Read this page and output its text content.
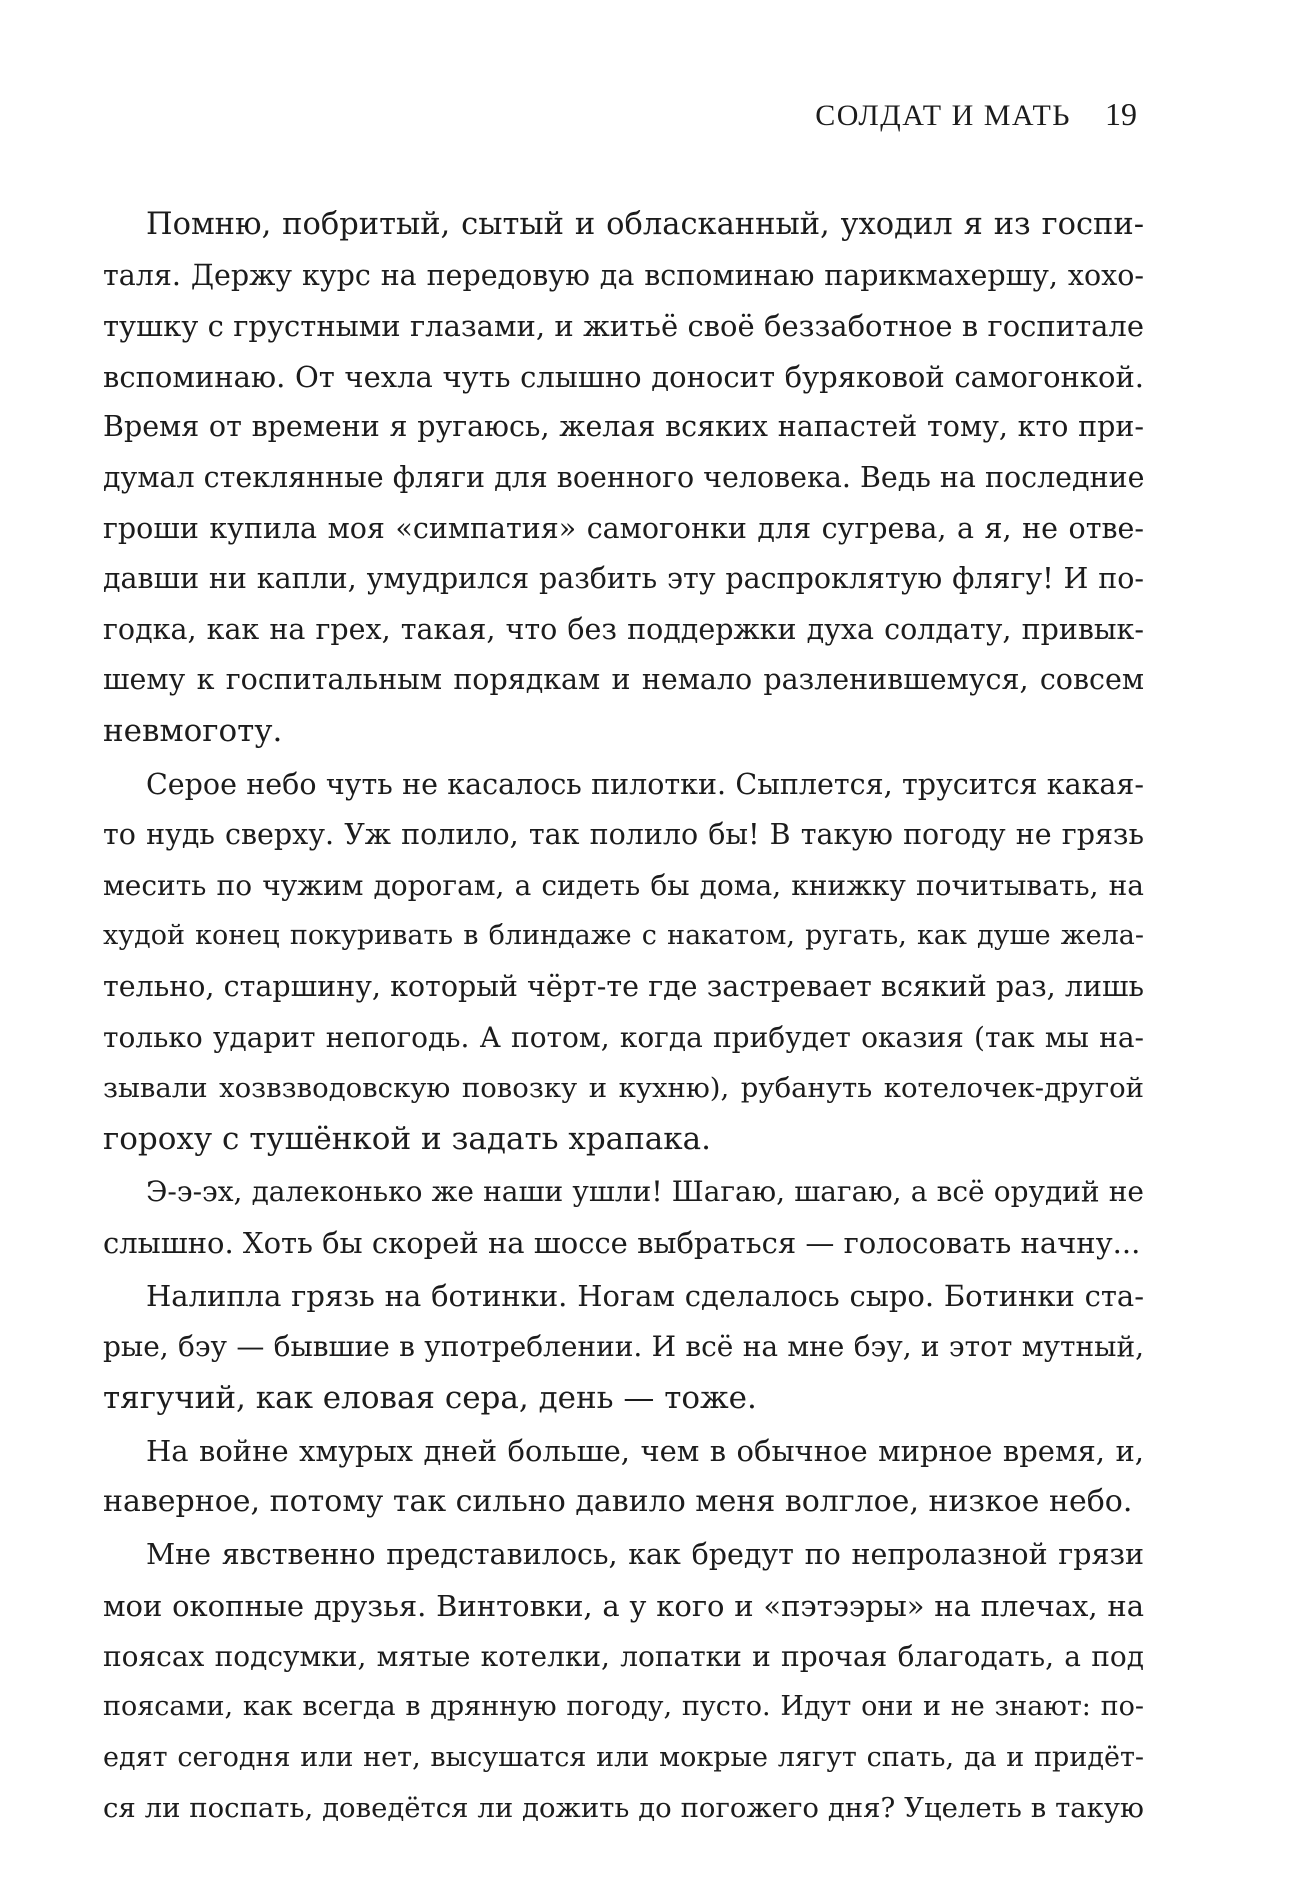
СОЛДАТ И МАТЬ 19
Помню, побритый, сытый и обласканный, уходил я из госпи-
таля. Держу курс на передовую да вспоминаю парикмахершу, хохо-
тушку с грустными глазами, и житьё своё беззаботное в госпитале
вспоминаю. От чехла чуть слышно доносит буряковой самогонкой.
Время от времени я ругаюсь, желая всяких напастей тому, кто при-
думал стеклянные фляги для военного человека. Ведь на последние
гроши купила моя «симпатия» самогонки для сугрева, а я, не отве-
давши ни капли, умудрился разбить эту распроклятую флягу! И по-
годка, как на грех, такая, что без поддержки духа солдату, привык-
шему к госпитальным порядкам и немало разленившемуся, совсем
невмоготу.
Серое небо чуть не касалось пилотки. Сыплется, трусится какая-
то нудь сверху. Уж полило, так полило бы! В такую погоду не грязь
месить по чужим дорогам, а сидеть бы дома, книжку почитывать, на
худой конец покуривать в блиндаже с накатом, ругать, как душе жела-
тельно, старшину, который чёрт-те где застревает всякий раз, лишь
только ударит непогодь. А потом, когда прибудет оказия (так мы на-
зывали хозвзводовскую повозку и кухню), рубануть котелочек-другой
гороху с тушёнкой и задать храпака.
Э-э-эх, далеконько же наши ушли! Шагаю, шагаю, а всё орудий не
слышно. Хоть бы скорей на шоссе выбраться — голосовать начну...
Налипла грязь на ботинки. Ногам сделалось сыро. Ботинки ста-
рые, бэу — бывшие в употреблении. И всё на мне бэу, и этот мутный,
тягучий, как еловая сера, день — тоже.
На войне хмурых дней больше, чем в обычное мирное время, и,
наверное, потому так сильно давило меня волглое, низкое небо.
Мне явственно представилось, как бредут по непролазной грязи
мои окопные друзья. Винтовки, а у кого и «пэтээры» на плечах, на
поясах подсумки, мятые котелки, лопатки и прочая благодать, а под
поясами, как всегда в дрянную погоду, пусто. Идут они и не знают: по-
едят сегодня или нет, высушатся или мокрые лягут спать, да и придёт-
ся ли поспать, доведётся ли дожить до погожего дня? Уцелеть в такую
